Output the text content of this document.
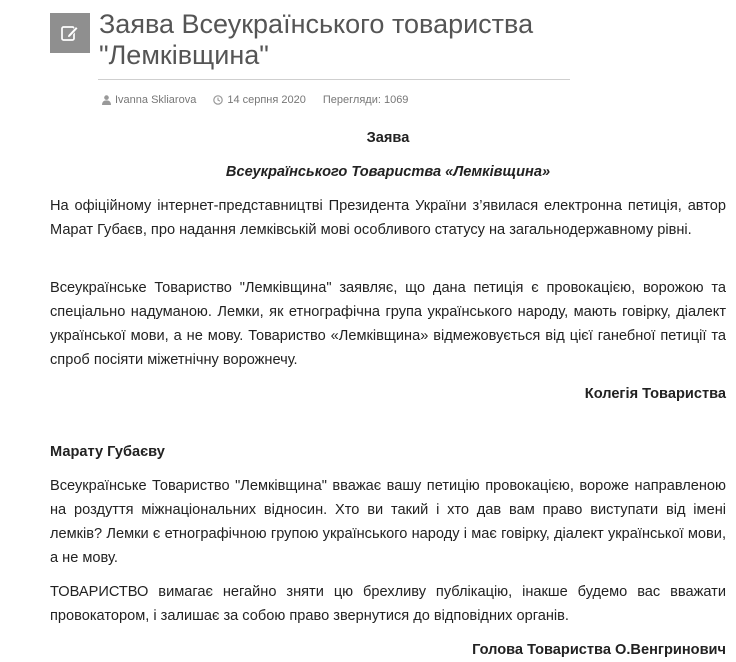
Заява Всеукраїнського товариства "Лемківщина"
Ivanna Skliarova	14 серпня 2020 Перегляди: 1069

Заява

Всеукраїнського Товариства «Лемківщина»

На офіційному інтернет-представництві Президента України з’явилася електронна петиція, автор Марат Губаєв, про надання лемківській мові особливого статусу на загальнодержавному рівні.

Всеукраїнське Товариство "Лемківщина" заявляє, що дана петиція є провокацією, ворожою та спеціально надуманою. Лемки, як етнографічна група українського народу, мають говірку, діалект української мови, а не мову. Товариство «Лемківщина» відмежовується від цієї ганебної петиції та спроб посіяти міжетнічну ворожнечу.

Колегія Товариства

Марату Губаєву

Всеукраїнське Товариство "Лемківщина" вважає вашу петицію провокацією, вороже направленою на роздуття міжнаціональних відносин. Хто ви такий і хто дав вам право виступати від імені лемків? Лемки є етнографічною групою українського народу і має говірку, діалект української мови, а не мову.

ТОВАРИСТВО вимагає негайно зняти цю брехливу публікацію, інакше будемо вас вважати провокатором, і залишає за собою право звернутися до відповідних органів.

Голова Товариства О.Венгринович
